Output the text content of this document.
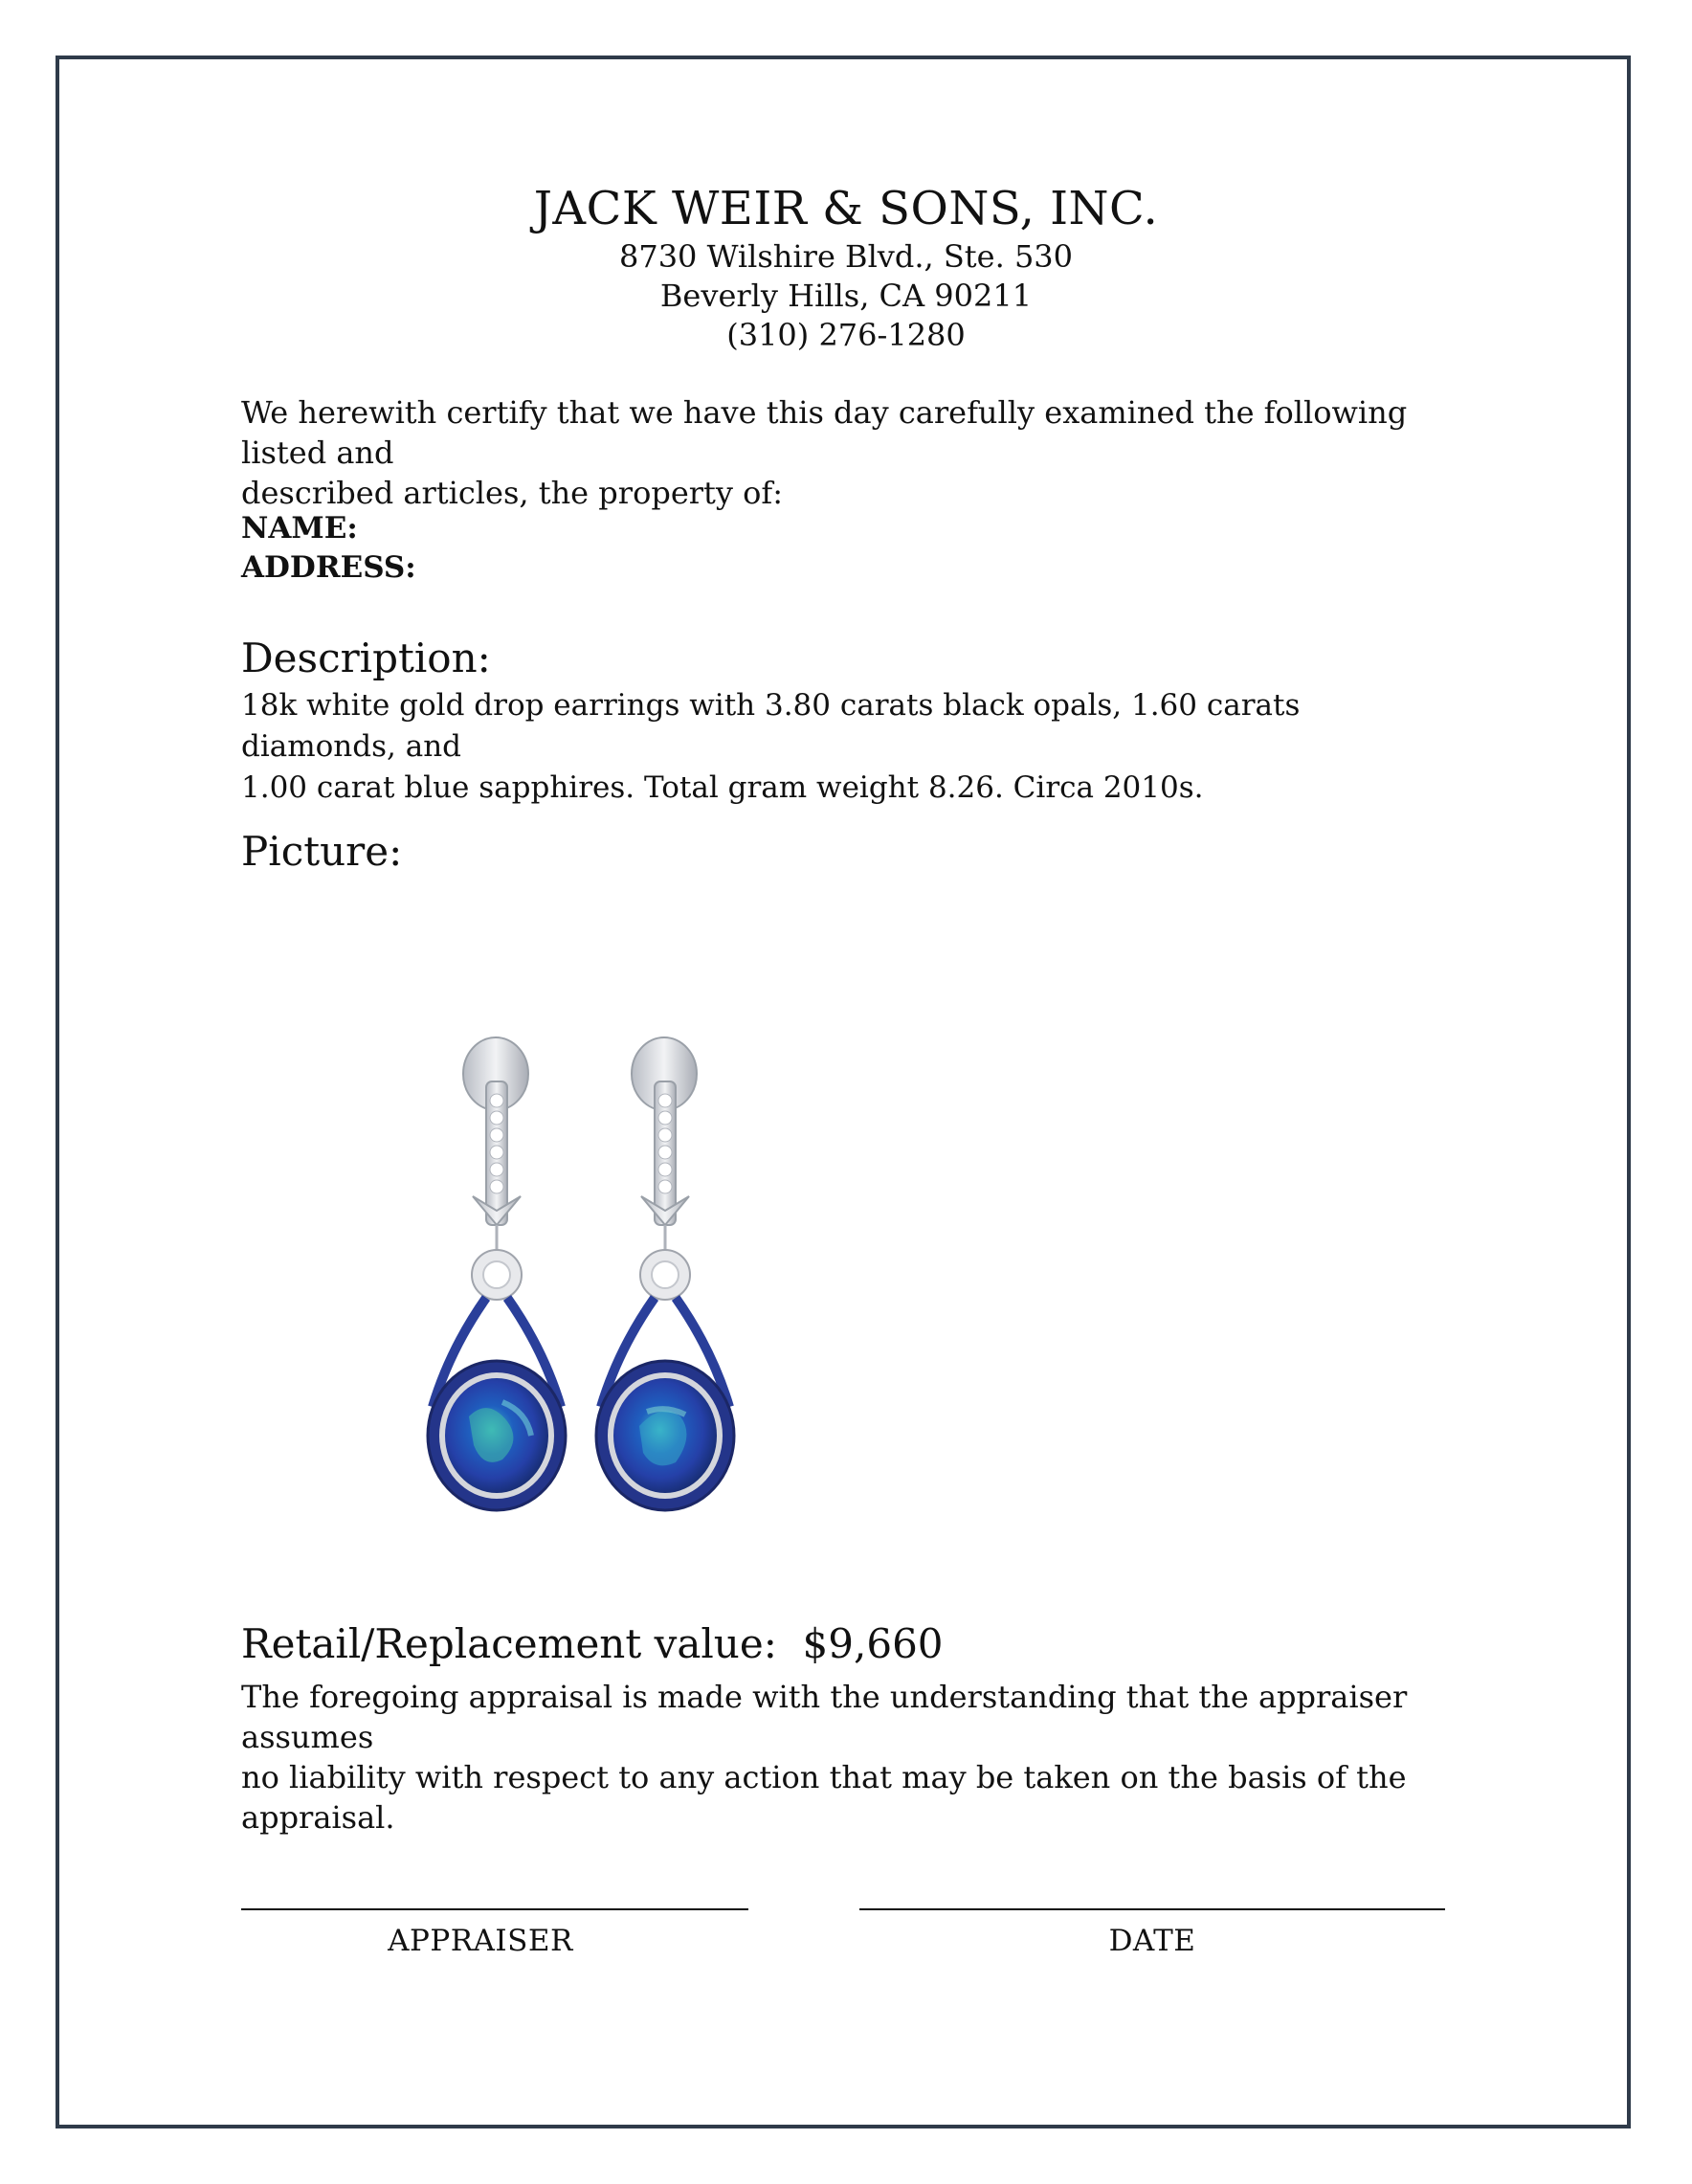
JACK WEIR & SONS, INC.
8730 Wilshire Blvd., Ste. 530
Beverly Hills, CA 90211
(310) 276-1280
We herewith certify that we have this day carefully examined the following listed and
described articles, the property of:
NAME:
ADDRESS:
Description:
18k white gold drop earrings with 3.80 carats black opals, 1.60 carats diamonds, and
1.00 carat blue sapphires. Total gram weight 8.26. Circa 2010s.
Picture:
Retail/Replacement value: $9,660
The foregoing appraisal is made with the understanding that the appraiser assumes
no liability with respect to any action that may be taken on the basis of the appraisal.
APPRAISER	DATE
